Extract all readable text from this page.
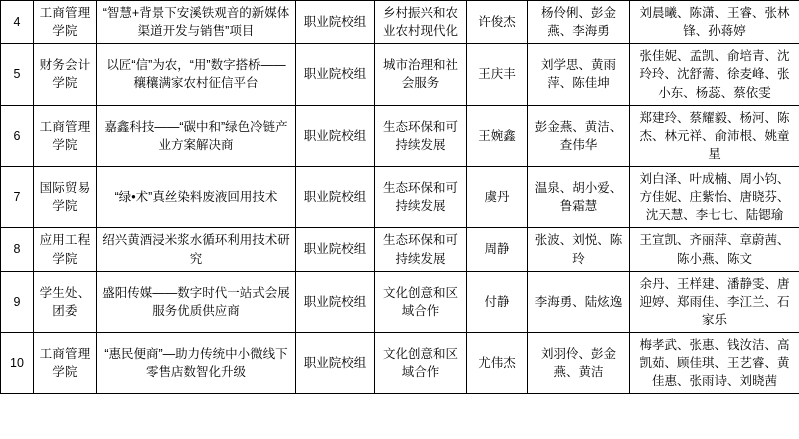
4	工商管理学院	“智慧+背景下安溪铁观音的新媒体渠道开发与销售”项目	职业院校组	乡村振兴和农业农村现代化	许俊杰	杨伶俐、彭金燕、李海勇	刘晨曦、陈潇、王睿、张林锋、孙蒋婷
5	财务会计学院	以匠“信”为农，“用”数字搭桥——穰穰满家农村征信平台	职业院校组	城市治理和社会服务	王庆丰	刘学思、黄雨萍、陈佳坤	张佳妮、孟凯、俞培青、沈玲玲、沈舒薷、徐麦峰、张小东、杨蕊、蔡依雯
6	工商管理学院	嘉鑫科技——“碳中和”绿色冷链产业方案解决商	职业院校组	生态环保和可持续发展	王婉鑫	彭金燕、黄洁、查伟华	郑建玲、蔡耀毅、杨河、陈杰、林元祥、俞沛根、姚童星
7	国际贸易学院	“绿•术”真丝染料废液回用技术	职业院校组	生态环保和可持续发展	虞丹	温泉、胡小爱、鲁霜慧	刘白泽、叶成楠、周小钧、方佳妮、庄紫怡、唐晓芬、沈天慧、李七七、陆锶瑜
8	应用工程学院	绍兴黄酒浸米浆水循环利用技术研究	职业院校组	生态环保和可持续发展	周静	张波、刘悦、陈玲	王宣凯、齐丽萍、章蔚茜、陈小燕、陈文
9	学生处、团委	盛阳传媒——数字时代一站式会展服务优质供应商	职业院校组	文化创意和区域合作	付静	李海勇、陆炫逸	余丹、王样建、潘静雯、唐迎婷、郑雨佳、李江兰、石家乐
10	工商管理学院	“惠民便商”—助力传统中小微线下零售店数智化升级	职业院校组	文化创意和区域合作	尤伟杰	刘羽伶、彭金燕、黄洁	梅孝武、张惠、钱汝洁、高凯茹、顾佳琪、王艺睿、黄佳惠、张雨诗、刘晓茜
